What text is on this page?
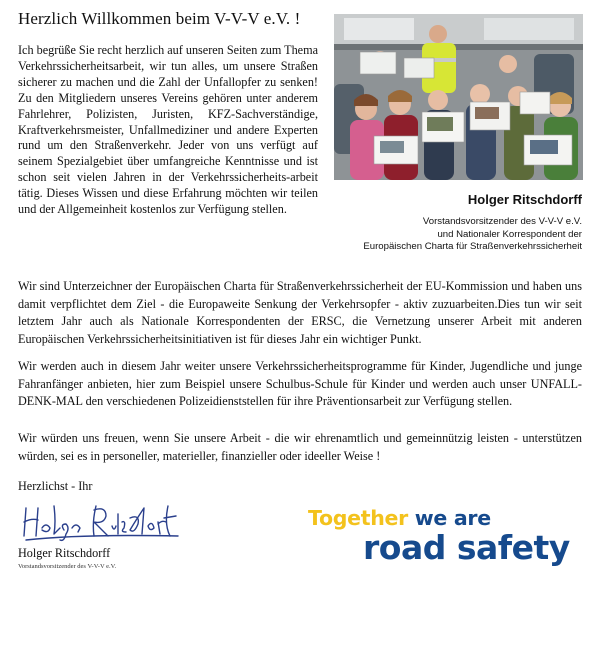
Herzlich Willkommen beim V-V-V e.V. !

Ich begrüße Sie recht herzlich auf unseren Seiten zum Thema Verkehrssicherheitsarbeit, wir tun alles, um unsere Straßen sicherer zu machen und die Zahl der Unfallopfer zu senken! Zu den Mitgliedern unseres Vereins gehören unter anderem Fahrlehrer, Polizisten, Juristen, KFZ-Sachverständige, Kraftverkehrsmeister, Unfallmediziner und andere Experten rund um den Straßenverkehr. Jeder von uns verfügt auf seinem Spezialgebiet über umfangreiche Kenntnisse und ist schon seit vielen Jahren in der Verkehrssicherheits-arbeit tätig. Dieses Wissen und diese Erfahrung möchten wir teilen und der Allgemeinheit kostenlos zur Verfügung stellen.

Holger Ritschdorff
Vorstandsvorsitzender des V-V-V e.V.
und Nationaler Korrespondent der
Europäischen Charta für Straßenverkehrssicherheit

Wir sind Unterzeichner der Europäischen Charta für Straßenverkehrssicherheit der EU-Kommission und haben uns damit verpflichtet dem Ziel - die Europaweite Senkung der Verkehrsopfer - aktiv zuzuarbeiten.Dies tun wir seit letztem Jahr auch als Nationale Korrespondenten der ERSC, die Vernetzung unserer Arbeit mit anderen Europäischen Verkehrssicherheitsinitiativen ist für dieses Jahr ein wichtiger Punkt.

Wir werden auch in diesem Jahr weiter unsere Verkehrssicherheitsprogramme für Kinder, Jugendliche und junge Fahranfänger anbieten, hier zum Beispiel unsere Schulbus-Schule für Kinder und werden auch unser UNFALL-DENK-MAL den verschiedenen Polizeidienststellen für ihre Präventionsarbeit zur Verfügung stellen.

Wir würden uns freuen, wenn Sie unsere Arbeit - die wir ehrenamtlich und gemeinnützig leisten - unterstützen würden, sei es in personeller, materieller, finanzieller oder ideeller Weise !

Herzlichst - Ihr
Holger Ritschdorff
Vorstandsvorsitzender des V-V-V e.V.
Together we are
road safety
